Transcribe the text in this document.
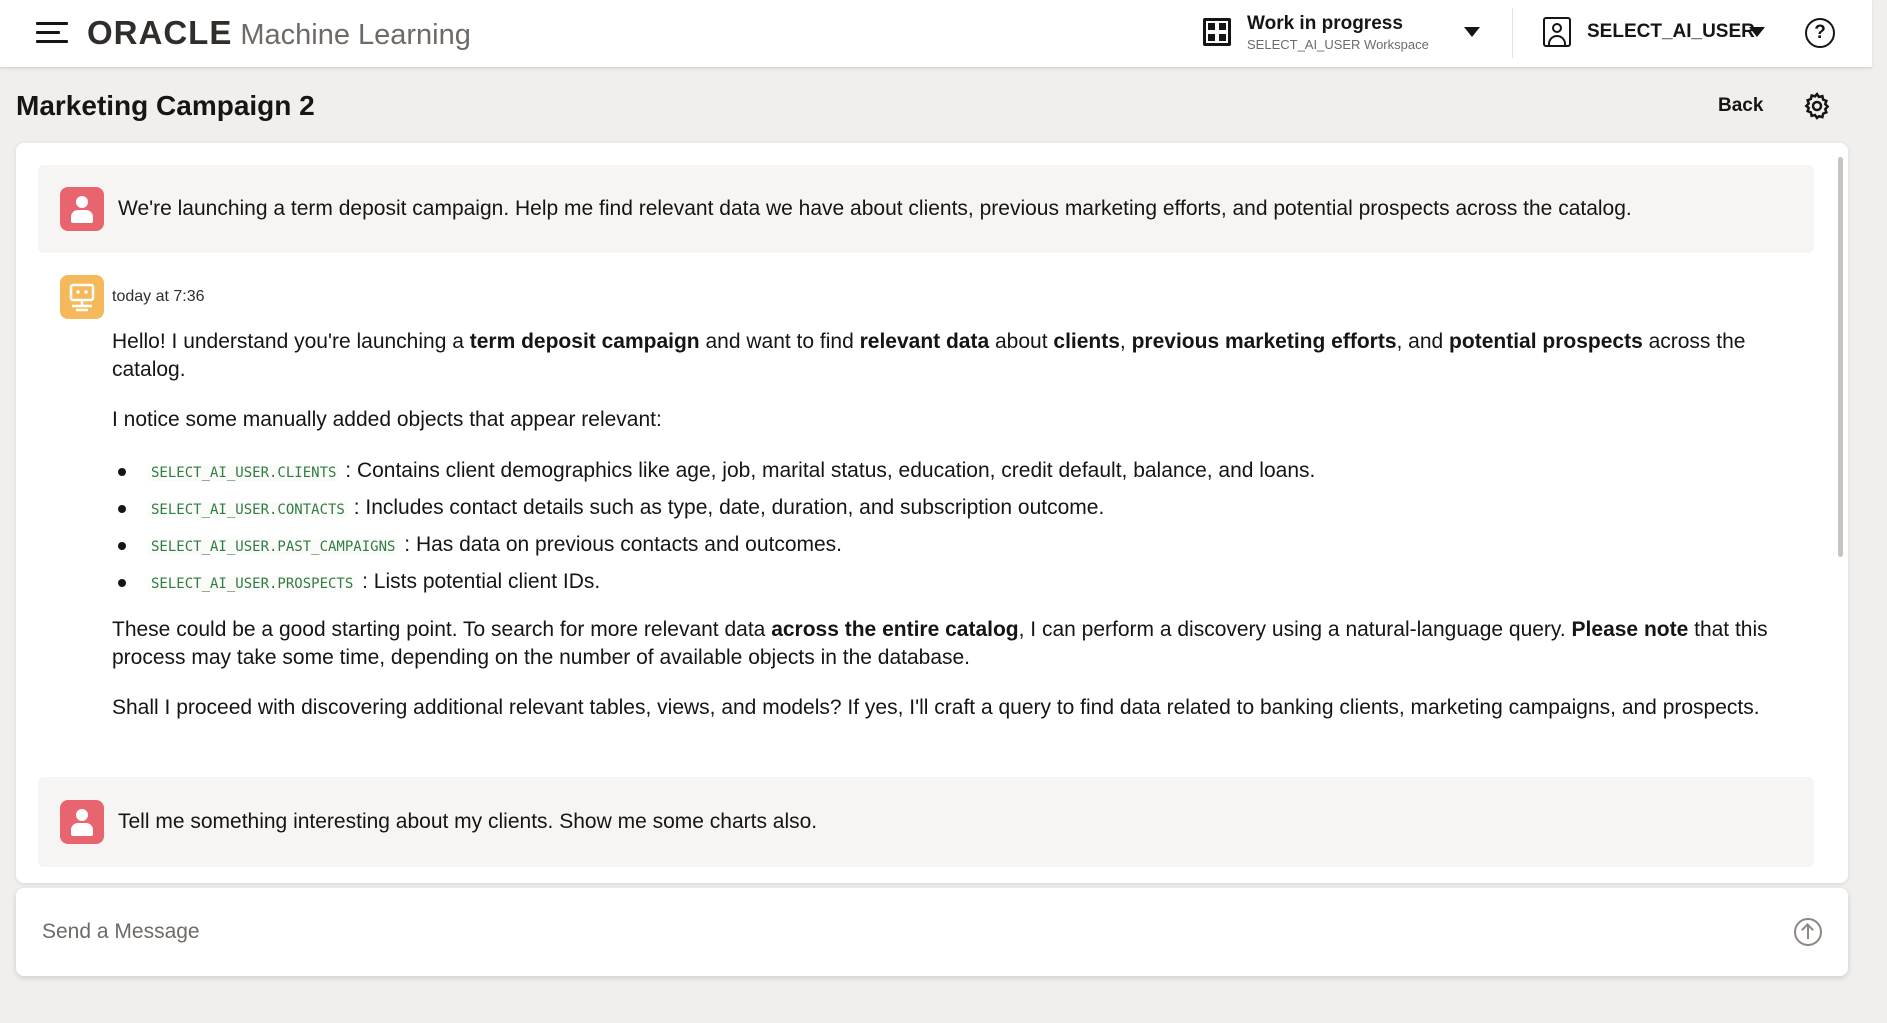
ORACLE Machine Learning	Work in progress
SELECT_AI_USER Workspace
SELECT_AI_USER	?
Marketing Campaign 2	Back
We're launching a term deposit campaign. Help me find relevant data we have about clients, previous marketing efforts, and potential prospects across the catalog.
today at 7:36

Hello! I understand you're launching a term deposit campaign and want to find relevant data about clients, previous marketing efforts, and potential prospects across the catalog.

I notice some manually added objects that appear relevant:

SELECT_AI_USER.CLIENTS : Contains client demographics like age, job, marital status, education, credit default, balance, and loans.
SELECT_AI_USER.CONTACTS : Includes contact details such as type, date, duration, and subscription outcome.
SELECT_AI_USER.PAST_CAMPAIGNS : Has data on previous contacts and outcomes.
SELECT_AI_USER.PROSPECTS : Lists potential client IDs.

These could be a good starting point. To search for more relevant data across the entire catalog, I can perform a discovery using a natural-language query. Please note that this process may take some time, depending on the number of available objects in the database.

Shall I proceed with discovering additional relevant tables, views, and models? If yes, I'll craft a query to find data related to banking clients, marketing campaigns, and prospects.

Tell me something interesting about my clients. Show me some charts also.
Send a Message
